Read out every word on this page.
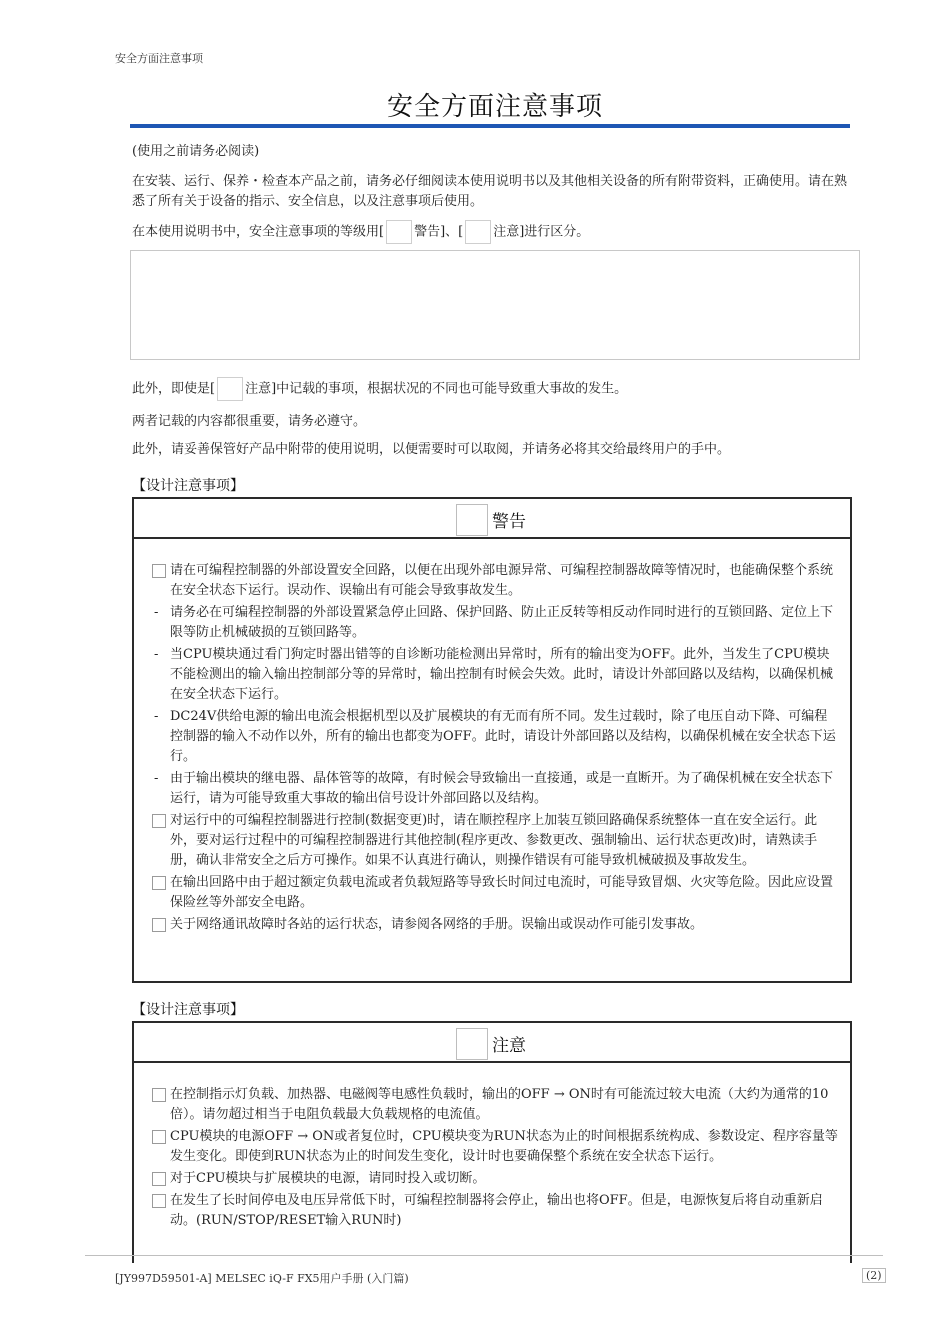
安全方面注意事项
安全方面注意事项
(使用之前请务必阅读)
在安装、运行、保养・检查本产品之前，请务必仔细阅读本使用说明书以及其他相关设备的所有附带资料，正确使用。请在熟悉了所有关于设备的指示、安全信息，以及注意事项后使用。
在本使用说明书中，安全注意事项的等级用[ 警告]、[ 注意]进行区分。
此外，即使是[ 注意]中记载的事项，根据状况的不同也可能导致重大事故的发生。
两者记载的内容都很重要，请务必遵守。
此外，请妥善保管好产品中附带的使用说明，以便需要时可以取阅，并请务必将其交给最终用户的手中。
【设计注意事项】
警告
请在可编程控制器的外部设置安全回路，以便在出现外部电源异常、可编程控制器故障等情况时，也能确保整个系统在安全状态下运行。误动作、误输出有可能会导致事故发生。
- 请务必在可编程控制器的外部设置紧急停止回路、保护回路、防止正反转等相反动作同时进行的互锁回路、定位上下限等防止机械破损的互锁回路等。
- 当CPU模块通过看门狗定时器出错等的自诊断功能检测出异常时，所有的输出变为OFF。此外，当发生了CPU模块不能检测出的输入输出控制部分等的异常时，输出控制有时候会失效。此时，请设计外部回路以及结构，以确保机械在安全状态下运行。
- DC24V供给电源的输出电流会根据机型以及扩展模块的有无而有所不同。发生过载时，除了电压自动下降、可编程控制器的输入不动作以外，所有的输出也都变为OFF。此时，请设计外部回路以及结构，以确保机械在安全状态下运行。
- 由于输出模块的继电器、晶体管等的故障，有时候会导致输出一直接通，或是一直断开。为了确保机械在安全状态下运行，请为可能导致重大事故的输出信号设计外部回路以及结构。
对运行中的可编程控制器进行控制(数据变更)时，请在顺控程序上加装互锁回路确保系统整体一直在安全运行。此外，要对运行过程中的可编程控制器进行其他控制(程序更改、参数更改、强制输出、运行状态更改)时，请熟读手册，确认非常安全之后方可操作。如果不认真进行确认，则操作错误有可能导致机械破损及事故发生。
在输出回路中由于超过额定负载电流或者负载短路等导致长时间过电流时，可能导致冒烟、火灾等危险。因此应设置保险丝等外部安全电路。
关于网络通讯故障时各站的运行状态，请参阅各网络的手册。误输出或误动作可能引发事故。
【设计注意事项】
注意
在控制指示灯负载、加热器、电磁阀等电感性负载时，输出的OFF → ON时有可能流过较大电流（大约为通常的10倍）。请勿超过相当于电阻负载最大负载规格的电流值。
CPU模块的电源OFF → ON或者复位时，CPU模块变为RUN状态为止的时间根据系统构成、参数设定、程序容量等发生变化。即使到RUN状态为止的时间发生变化，设计时也要确保整个系统在安全状态下运行。
对于CPU模块与扩展模块的电源，请同时投入或切断。
在发生了长时间停电及电压异常低下时，可编程控制器将会停止，输出也将OFF。但是，电源恢复后将自动重新启动。(RUN/STOP/RESET输入RUN时)
[JY997D59501-A] MELSEC iQ-F FX5用户手册 (入门篇)	(2)
